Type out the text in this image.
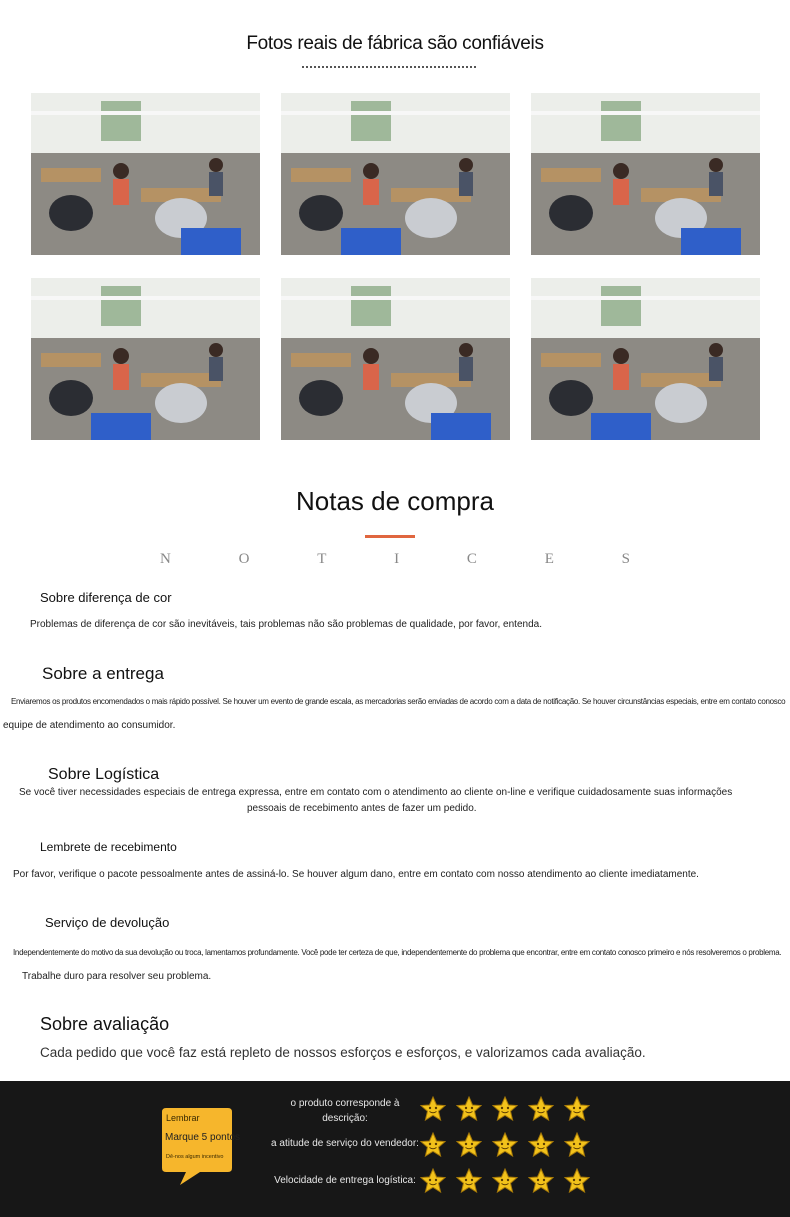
Fotos reais de fábrica são confiáveis
Notas de compra
N	O	T	I	C	E	S
Sobre diferença de cor
Problemas de diferença de cor são inevitáveis, tais problemas não são problemas de qualidade, por favor, entenda.
Sobre a entrega
Enviaremos os produtos encomendados o mais rápido possível. Se houver um evento de grande escala, as mercadorias serão enviadas de acordo com a data de notificação. Se houver circunstâncias especiais, entre em contato conosco
equipe de atendimento ao consumidor.
Sobre Logística
Se você tiver necessidades especiais de entrega expressa, entre em contato com o atendimento ao cliente on-line e verifique cuidadosamente suas informações
pessoais de recebimento antes de fazer um pedido.
Lembrete de recebimento
Por favor, verifique o pacote pessoalmente antes de assiná-lo. Se houver algum dano, entre em contato com nosso atendimento ao cliente imediatamente.
Serviço de devolução
Independentemente do motivo da sua devolução ou troca, lamentamos profundamente. Você pode ter certeza de que, independentemente do problema que encontrar, entre em contato conosco primeiro e nós resolveremos o problema.
Trabalhe duro para resolver seu problema.
Sobre avaliação
Cada pedido que você faz está repleto de nossos esforços e esforços, e valorizamos cada avaliação.
Lembrar
Marque 5 pontos
Dê-nos algum incentivo
o produto corresponde à descrição:
a atitude de serviço do vendedor:
Velocidade de entrega logística:
